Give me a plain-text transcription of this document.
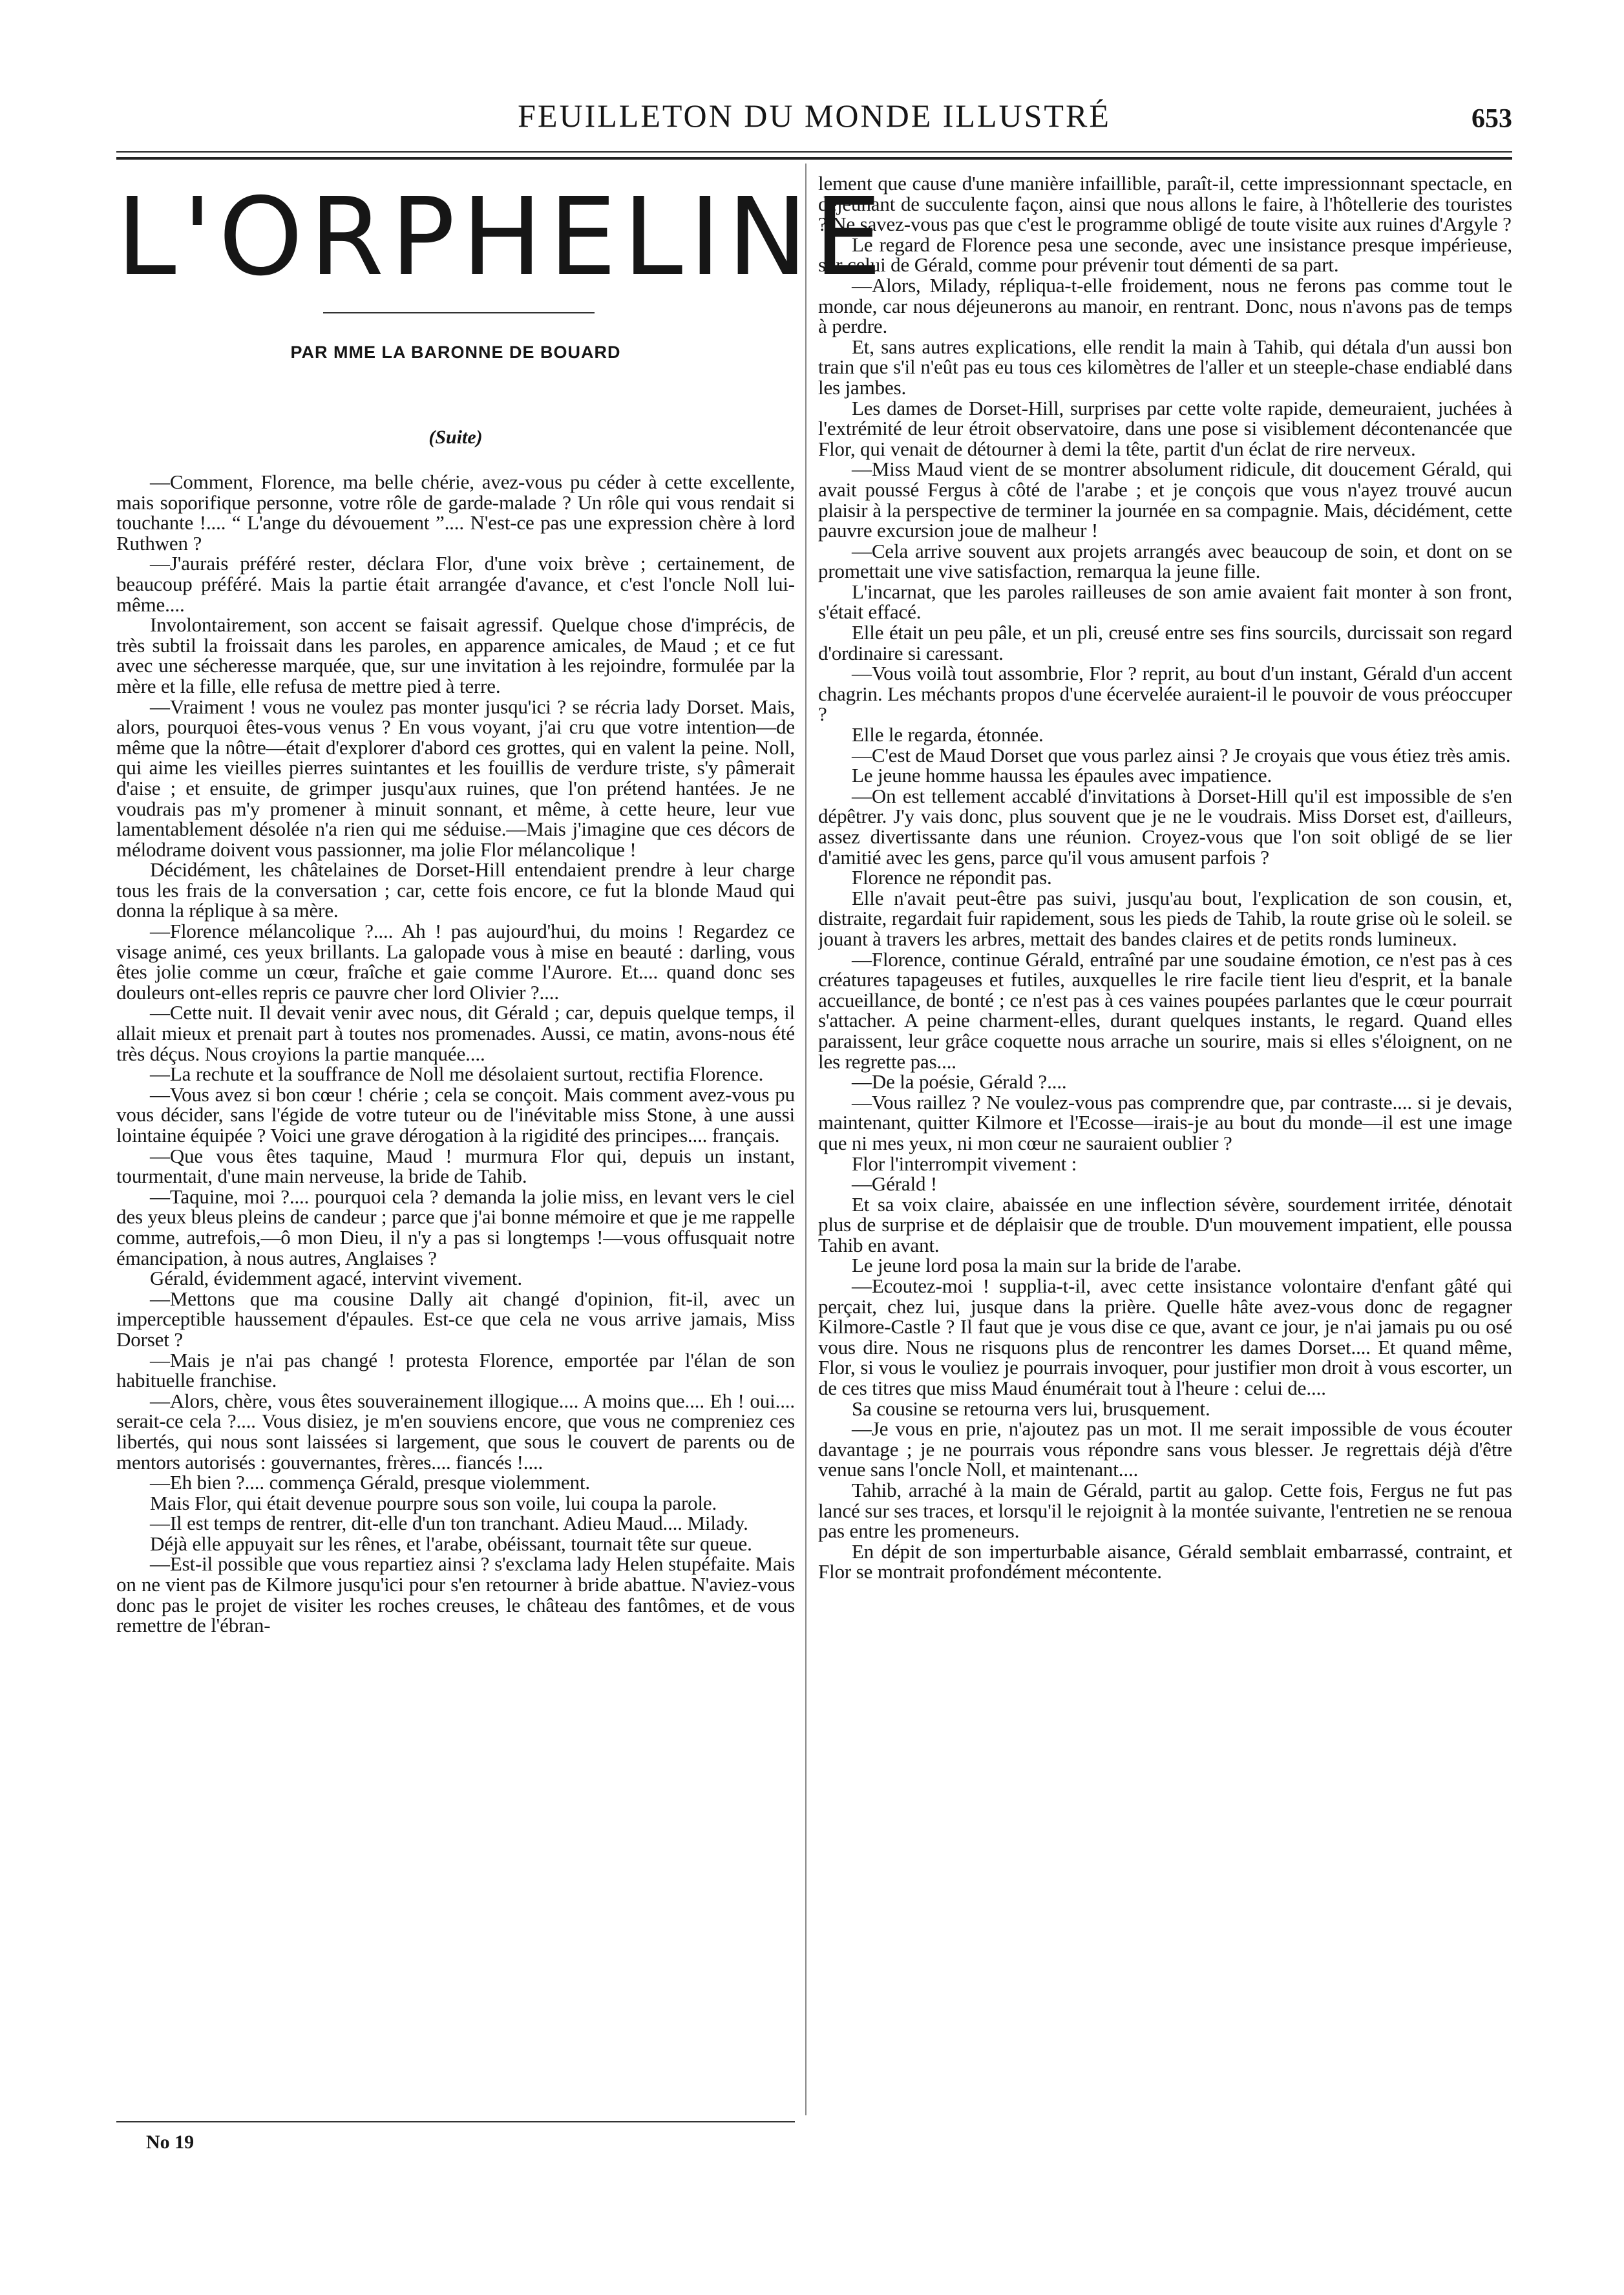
FEUILLETON DU MONDE ILLUSTRÉ	653
L'ORPHELINE
PAR MME LA BARONNE DE BOUARD
(Suite)

—Comment, Florence, ma belle chérie, avez-vous pu céder à cette excellente, mais soporifique personne, votre rôle de garde-malade ? Un rôle qui vous rendait si touchante !.... “ L'ange du dévouement ”.... N'est-ce pas une expression chère à lord Ruthwen ?

—J'aurais préféré rester, déclara Flor, d'une voix brève ; certainement, de beaucoup préféré. Mais la partie était arrangée d'avance, et c'est l'oncle Noll lui-même....

Involontairement, son accent se faisait agressif. Quelque chose d'imprécis, de très subtil la froissait dans les paroles, en apparence amicales, de Maud ; et ce fut avec une sécheresse marquée, que, sur une invitation à les rejoindre, formulée par la mère et la fille, elle refusa de mettre pied à terre.

—Vraiment ! vous ne voulez pas monter jusqu'ici ? se récria lady Dorset. Mais, alors, pourquoi êtes-vous venus ? En vous voyant, j'ai cru que votre intention—de même que la nôtre—était d'explorer d'abord ces grottes, qui en valent la peine. Noll, qui aime les vieilles pierres suintantes et les fouillis de verdure triste, s'y pâmerait d'aise ; et ensuite, de grimper jusqu'aux ruines, que l'on prétend hantées. Je ne voudrais pas m'y promener à minuit sonnant, et même, à cette heure, leur vue lamentablement désolée n'a rien qui me séduise.—Mais j'imagine que ces décors de mélodrame doivent vous passionner, ma jolie Flor mélancolique !

Décidément, les châtelaines de Dorset-Hill entendaient prendre à leur charge tous les frais de la conversation ; car, cette fois encore, ce fut la blonde Maud qui donna la réplique à sa mère.

—Florence mélancolique ?.... Ah ! pas aujourd'hui, du moins ! Regardez ce visage animé, ces yeux brillants. La galopade vous à mise en beauté : darling, vous êtes jolie comme un cœur, fraîche et gaie comme l'Aurore. Et.... quand donc ses douleurs ont-elles repris ce pauvre cher lord Olivier ?....

—Cette nuit. Il devait venir avec nous, dit Gérald ; car, depuis quelque temps, il allait mieux et prenait part à toutes nos promenades. Aussi, ce matin, avons-nous été très déçus. Nous croyions la partie manquée....

—La rechute et la souffrance de Noll me désolaient surtout, rectifia Florence.

—Vous avez si bon cœur ! chérie ; cela se conçoit. Mais comment avez-vous pu vous décider, sans l'égide de votre tuteur ou de l'inévitable miss Stone, à une aussi lointaine équipée ? Voici une grave dérogation à la rigidité des principes.... français.

—Que vous êtes taquine, Maud ! murmura Flor qui, depuis un instant, tourmentait, d'une main nerveuse, la bride de Tahib.

—Taquine, moi ?.... pourquoi cela ? demanda la jolie miss, en levant vers le ciel des yeux bleus pleins de candeur ; parce que j'ai bonne mémoire et que je me rappelle comme, autrefois,—ô mon Dieu, il n'y a pas si longtemps !—vous offusquait notre émancipation, à nous autres, Anglaises ?

Gérald, évidemment agacé, intervint vivement.

—Mettons que ma cousine Dally ait changé d'opinion, fit-il, avec un imperceptible haussement d'épaules. Est-ce que cela ne vous arrive jamais, Miss Dorset ?

—Mais je n'ai pas changé ! protesta Florence, emportée par l'élan de son habituelle franchise.

—Alors, chère, vous êtes souverainement illogique.... A moins que.... Eh ! oui.... serait-ce cela ?.... Vous disiez, je m'en souviens encore, que vous ne compreniez ces libertés, qui nous sont laissées si largement, que sous le couvert de parents ou de mentors autorisés : gouvernantes, frères.... fiancés !....

—Eh bien ?.... commença Gérald, presque violemment.

Mais Flor, qui était devenue pourpre sous son voile, lui coupa la parole.

—Il est temps de rentrer, dit-elle d'un ton tranchant. Adieu Maud.... Milady.

Déjà elle appuyait sur les rênes, et l'arabe, obéissant, tournait tête sur queue.

—Est-il possible que vous repartiez ainsi ? s'exclama lady Helen stupéfaite. Mais on ne vient pas de Kilmore jusqu'ici pour s'en retourner à bride abattue. N'aviez-vous donc pas le projet de visiter les roches creuses, le château des fantômes, et de vous remettre de l'ébran-

lement que cause d'une manière infaillible, paraît-il, cette impressionnant spectacle, en déjeunant de succulente façon, ainsi que nous allons le faire, à l'hôtellerie des touristes ? Ne savez-vous pas que c'est le programme obligé de toute visite aux ruines d'Argyle ?

Le regard de Florence pesa une seconde, avec une insistance presque impérieuse, sur celui de Gérald, comme pour prévenir tout démenti de sa part.

—Alors, Milady, répliqua-t-elle froidement, nous ne ferons pas comme tout le monde, car nous déjeunerons au manoir, en rentrant. Donc, nous n'avons pas de temps à perdre.

Et, sans autres explications, elle rendit la main à Tahib, qui détala d'un aussi bon train que s'il n'eût pas eu tous ces kilomètres de l'aller et un steeple-chase endiablé dans les jambes.

Les dames de Dorset-Hill, surprises par cette volte rapide, demeuraient, juchées à l'extrémité de leur étroit observatoire, dans une pose si visiblement décontenancée que Flor, qui venait de détourner à demi la tête, partit d'un éclat de rire nerveux.

—Miss Maud vient de se montrer absolument ridicule, dit doucement Gérald, qui avait poussé Fergus à côté de l'arabe ; et je conçois que vous n'ayez trouvé aucun plaisir à la perspective de terminer la journée en sa compagnie. Mais, décidément, cette pauvre excursion joue de malheur !

—Cela arrive souvent aux projets arrangés avec beaucoup de soin, et dont on se promettait une vive satisfaction, remarqua la jeune fille.

L'incarnat, que les paroles railleuses de son amie avaient fait monter à son front, s'était effacé.

Elle était un peu pâle, et un pli, creusé entre ses fins sourcils, durcissait son regard d'ordinaire si caressant.

—Vous voilà tout assombrie, Flor ? reprit, au bout d'un instant, Gérald d'un accent chagrin. Les méchants propos d'une écervelée auraient-il le pouvoir de vous préoccuper ?

Elle le regarda, étonnée.

—C'est de Maud Dorset que vous parlez ainsi ? Je croyais que vous étiez très amis.

Le jeune homme haussa les épaules avec impatience.

—On est tellement accablé d'invitations à Dorset-Hill qu'il est impossible de s'en dépêtrer. J'y vais donc, plus souvent que je ne le voudrais. Miss Dorset est, d'ailleurs, assez divertissante dans une réunion. Croyez-vous que l'on soit obligé de se lier d'amitié avec les gens, parce qu'il vous amusent parfois ?

Florence ne répondit pas.

Elle n'avait peut-être pas suivi, jusqu'au bout, l'explication de son cousin, et, distraite, regardait fuir rapidement, sous les pieds de Tahib, la route grise où le soleil. se jouant à travers les arbres, mettait des bandes claires et de petits ronds lumineux.

—Florence, continue Gérald, entraîné par une soudaine émotion, ce n'est pas à ces créatures tapageuses et futiles, auxquelles le rire facile tient lieu d'esprit, et la banale accueillance, de bonté ; ce n'est pas à ces vaines poupées parlantes que le cœur pourrait s'attacher. A peine charment-elles, durant quelques instants, le regard. Quand elles paraissent, leur grâce coquette nous arrache un sourire, mais si elles s'éloignent, on ne les regrette pas....

—De la poésie, Gérald ?....

—Vous raillez ? Ne voulez-vous pas comprendre que, par contraste.... si je devais, maintenant, quitter Kilmore et l'Ecosse—irais-je au bout du monde—il est une image que ni mes yeux, ni mon cœur ne sauraient oublier ?

Flor l'interrompit vivement :

—Gérald !

Et sa voix claire, abaissée en une inflection sévère, sourdement irritée, dénotait plus de surprise et de déplaisir que de trouble. D'un mouvement impatient, elle poussa Tahib en avant.

Le jeune lord posa la main sur la bride de l'arabe.

—Ecoutez-moi ! supplia-t-il, avec cette insistance volontaire d'enfant gâté qui perçait, chez lui, jusque dans la prière. Quelle hâte avez-vous donc de regagner Kilmore-Castle ? Il faut que je vous dise ce que, avant ce jour, je n'ai jamais pu ou osé vous dire. Nous ne risquons plus de rencontrer les dames Dorset.... Et quand même, Flor, si vous le vouliez je pourrais invoquer, pour justifier mon droit à vous escorter, un de ces titres que miss Maud énumérait tout à l'heure : celui de....

Sa cousine se retourna vers lui, brusquement.

—Je vous en prie, n'ajoutez pas un mot. Il me serait impossible de vous écouter davantage ; je ne pourrais vous répondre sans vous blesser. Je regrettais déjà d'être venue sans l'oncle Noll, et maintenant....

Tahib, arraché à la main de Gérald, partit au galop. Cette fois, Fergus ne fut pas lancé sur ses traces, et lorsqu'il le rejoignit à la montée suivante, l'entretien ne se renoua pas entre les promeneurs.

En dépit de son imperturbable aisance, Gérald semblait embarrassé, contraint, et Flor se montrait profondément mécontente.

No 19
